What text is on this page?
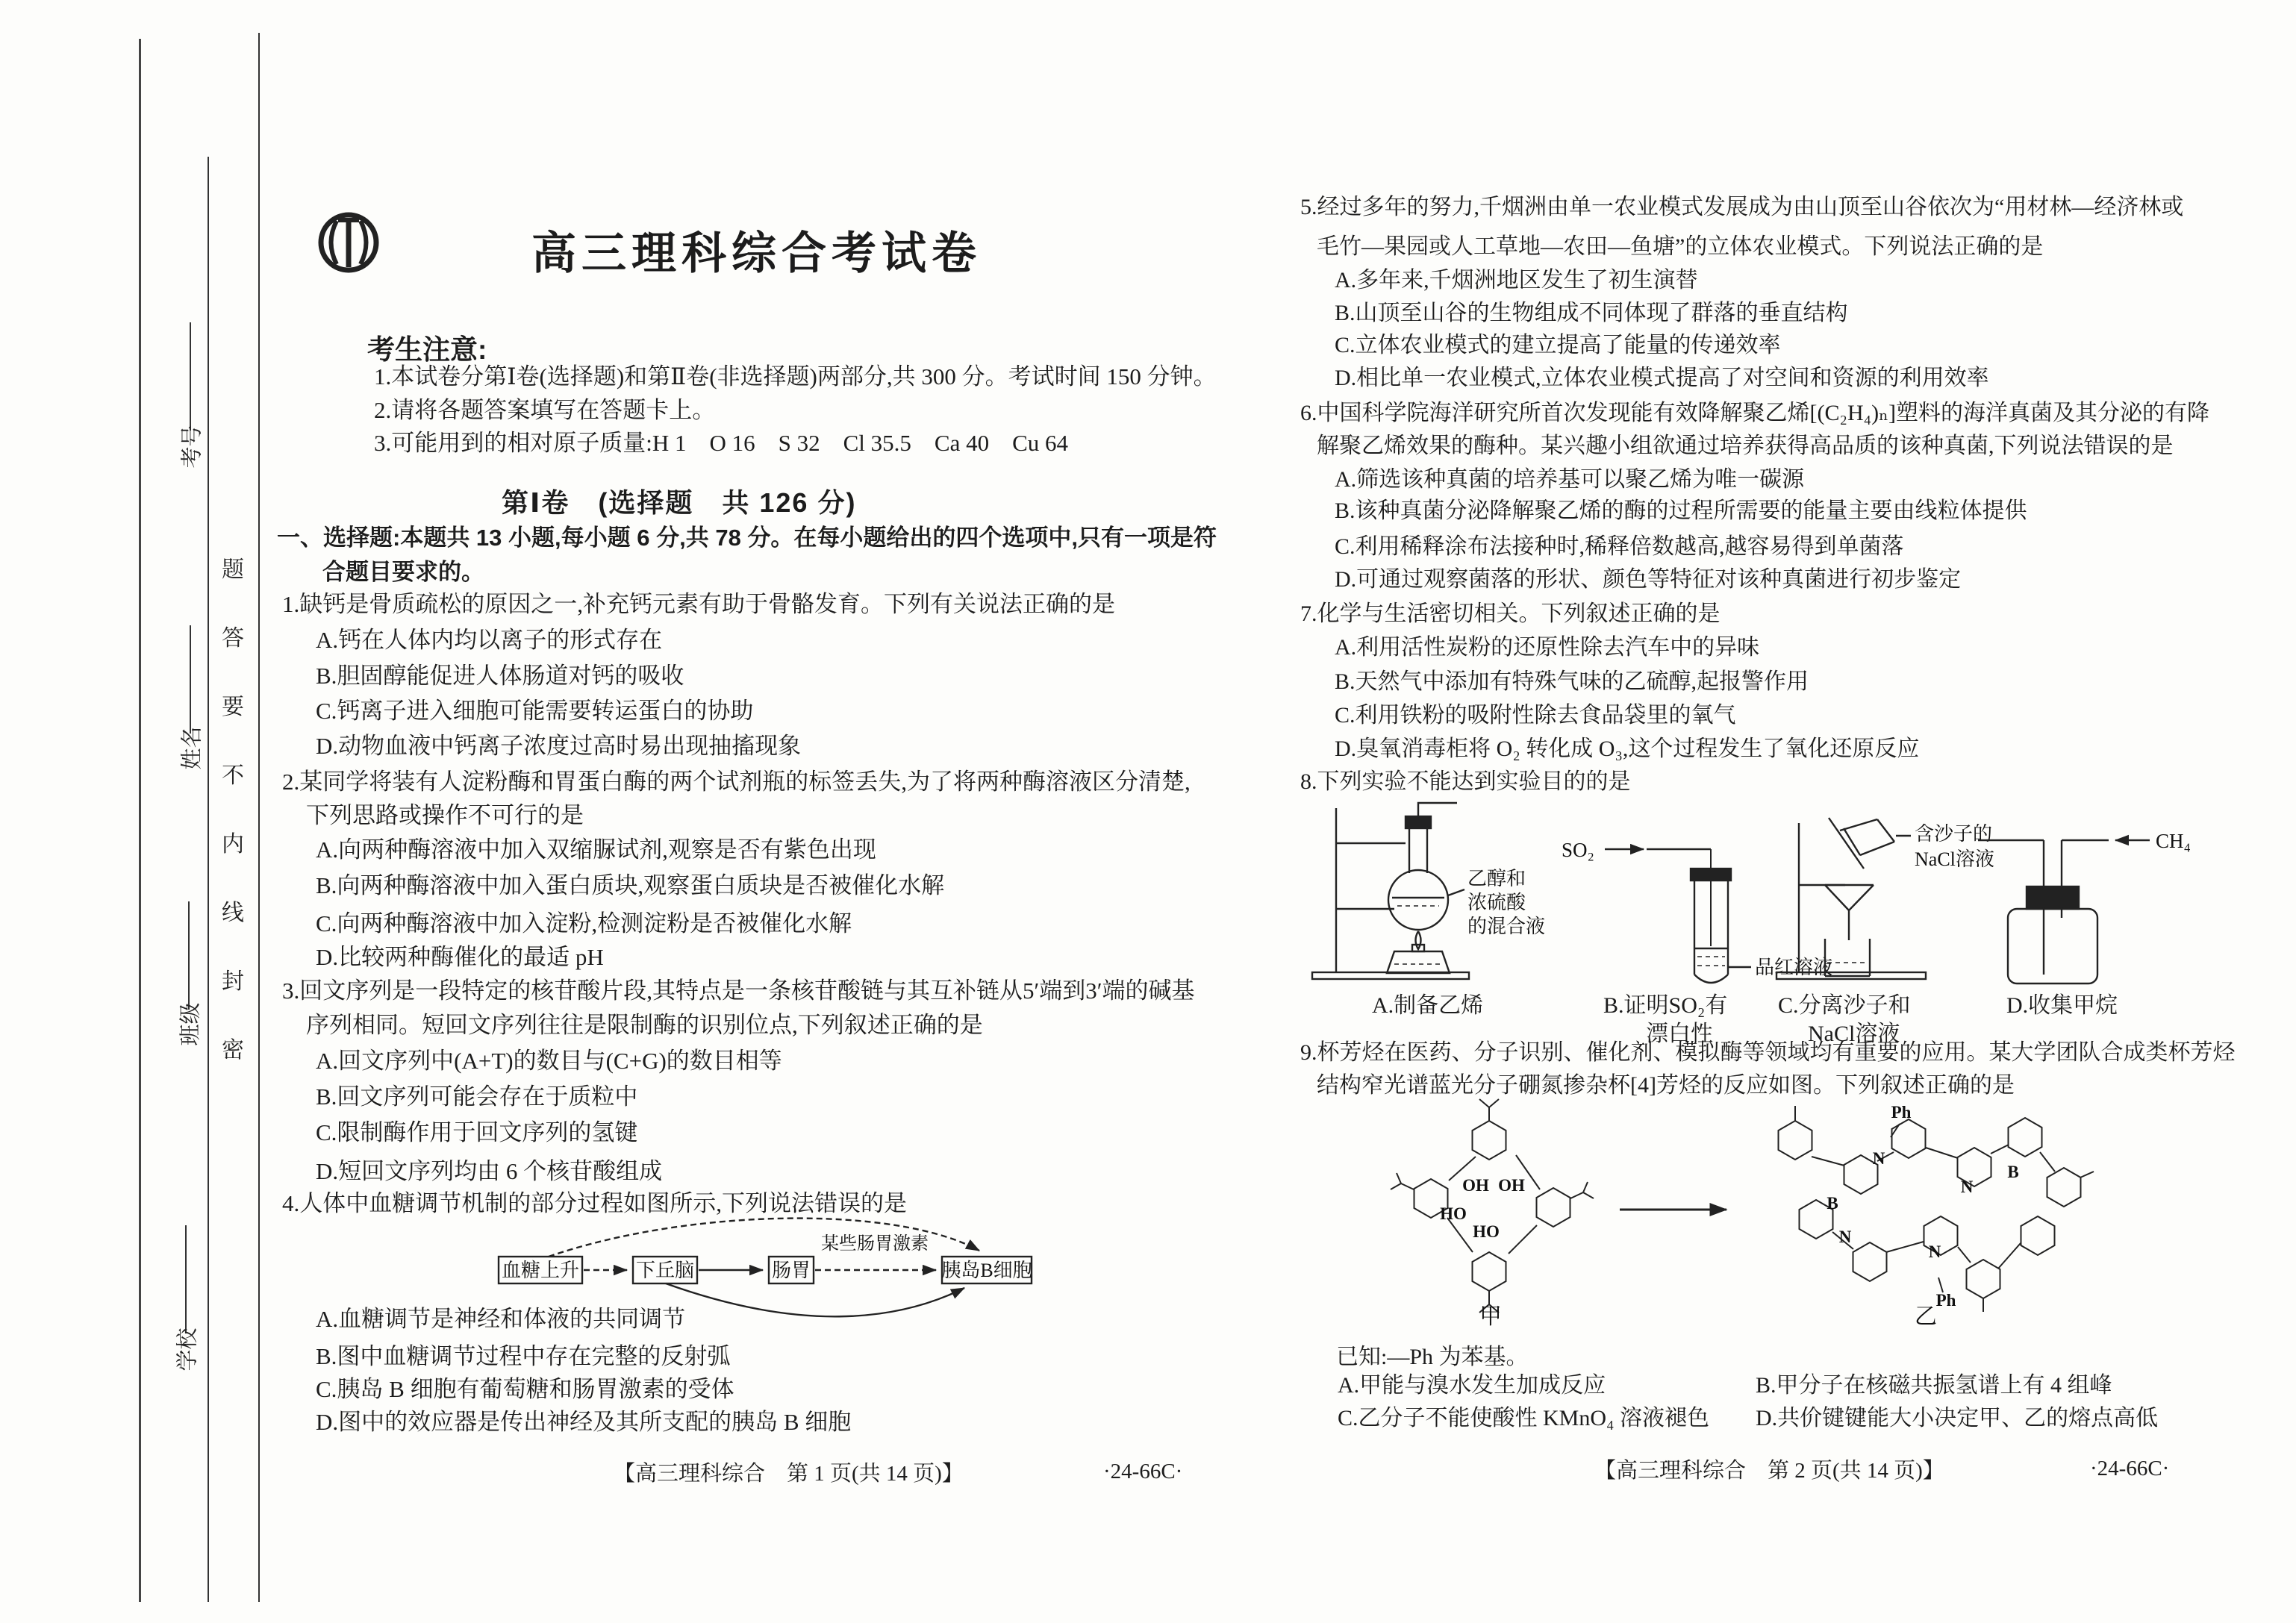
题
答
要
不
内
线
封
密
考号
姓名
班级
学校
高三理科综合考试卷
考生注意:
1.本试卷分第Ⅰ卷(选择题)和第Ⅱ卷(非选择题)两部分,共 300 分。考试时间 150 分钟。
2.请将各题答案填写在答题卡上。
3.可能用到的相对原子质量:H 1　O 16　S 32　Cl 35.5　Ca 40　Cu 64
第Ⅰ卷　(选择题　共 126 分)
一、选择题:本题共 13 小题,每小题 6 分,共 78 分。在每小题给出的四个选项中,只有一项是符
合题目要求的。
1.缺钙是骨质疏松的原因之一,补充钙元素有助于骨骼发育。下列有关说法正确的是
A.钙在人体内均以离子的形式存在
B.胆固醇能促进人体肠道对钙的吸收
C.钙离子进入细胞可能需要转运蛋白的协助
D.动物血液中钙离子浓度过高时易出现抽搐现象
2.某同学将装有人淀粉酶和胃蛋白酶的两个试剂瓶的标签丢失,为了将两种酶溶液区分清楚,
下列思路或操作不可行的是
A.向两种酶溶液中加入双缩脲试剂,观察是否有紫色出现
B.向两种酶溶液中加入蛋白质块,观察蛋白质块是否被催化水解
C.向两种酶溶液中加入淀粉,检测淀粉是否被催化水解
D.比较两种酶催化的最适 pH
3.回文序列是一段特定的核苷酸片段,其特点是一条核苷酸链与其互补链从5′端到3′端的碱基
序列相同。短回文序列往往是限制酶的识别位点,下列叙述正确的是
A.回文序列中(A+T)的数目与(C+G)的数目相等
B.回文序列可能会存在于质粒中
C.限制酶作用于回文序列的氢键
D.短回文序列均由 6 个核苷酸组成
4.人体中血糖调节机制的部分过程如图所示,下列说法错误的是
血糖上升	下丘脑	肠胃	胰岛B细胞
某些肠胃激素
A.血糖调节是神经和体液的共同调节
B.图中血糖调节过程中存在完整的反射弧
C.胰岛 B 细胞有葡萄糖和肠胃激素的受体
D.图中的效应器是传出神经及其所支配的胰岛 B 细胞
【高三理科综合　第 1 页(共 14 页)】	·24-66C·
5.经过多年的努力,千烟洲由单一农业模式发展成为由山顶至山谷依次为“用材林—经济林或
毛竹—果园或人工草地—农田—鱼塘”的立体农业模式。下列说法正确的是
A.多年来,千烟洲地区发生了初生演替
B.山顶至山谷的生物组成不同体现了群落的垂直结构
C.立体农业模式的建立提高了能量的传递效率
D.相比单一农业模式,立体农业模式提高了对空间和资源的利用效率
6.中国科学院海洋研究所首次发现能有效降解聚乙烯[(C₂H₄)ₙ]塑料的海洋真菌及其分泌的有降
解聚乙烯效果的酶种。某兴趣小组欲通过培养获得高品质的该种真菌,下列说法错误的是
A.筛选该种真菌的培养基可以聚乙烯为唯一碳源
B.该种真菌分泌降解聚乙烯的酶的过程所需要的能量主要由线粒体提供
C.利用稀释涂布法接种时,稀释倍数越高,越容易得到单菌落
D.可通过观察菌落的形状、颜色等特征对该种真菌进行初步鉴定
7.化学与生活密切相关。下列叙述正确的是
A.利用活性炭粉的还原性除去汽车中的异味
B.天然气中添加有特殊气味的乙硫醇,起报警作用
C.利用铁粉的吸附性除去食品袋里的氧气
D.臭氧消毒柜将 O₂ 转化成 O₃,这个过程发生了氧化还原反应
8.下列实验不能达到实验目的的是
乙醇和
浓硫酸
的混合液
SO₂
品红溶液
含沙子的
NaCl溶液
CH₄
A.制备乙烯	B.证明SO₂有
漂白性
C.分离沙子和
NaCl溶液
D.收集甲烷
9.杯芳烃在医药、分子识别、催化剂、模拟酶等领域均有重要的应用。某大学团队合成类杯芳烃
结构窄光谱蓝光分子硼氮掺杂杯[4]芳烃的反应如图。下列叙述正确的是
OH OH
HO
HO
甲
Ph
N
N
B
N
N
B
Ph
乙
已知:—Ph 为苯基。
A.甲能与溴水发生加成反应	B.甲分子在核磁共振氢谱上有 4 组峰
C.乙分子不能使酸性 KMnO₄ 溶液褪色 D.共价键键能大小决定甲、乙的熔点高低
【高三理科综合　第 2 页(共 14 页)】	·24-66C·
